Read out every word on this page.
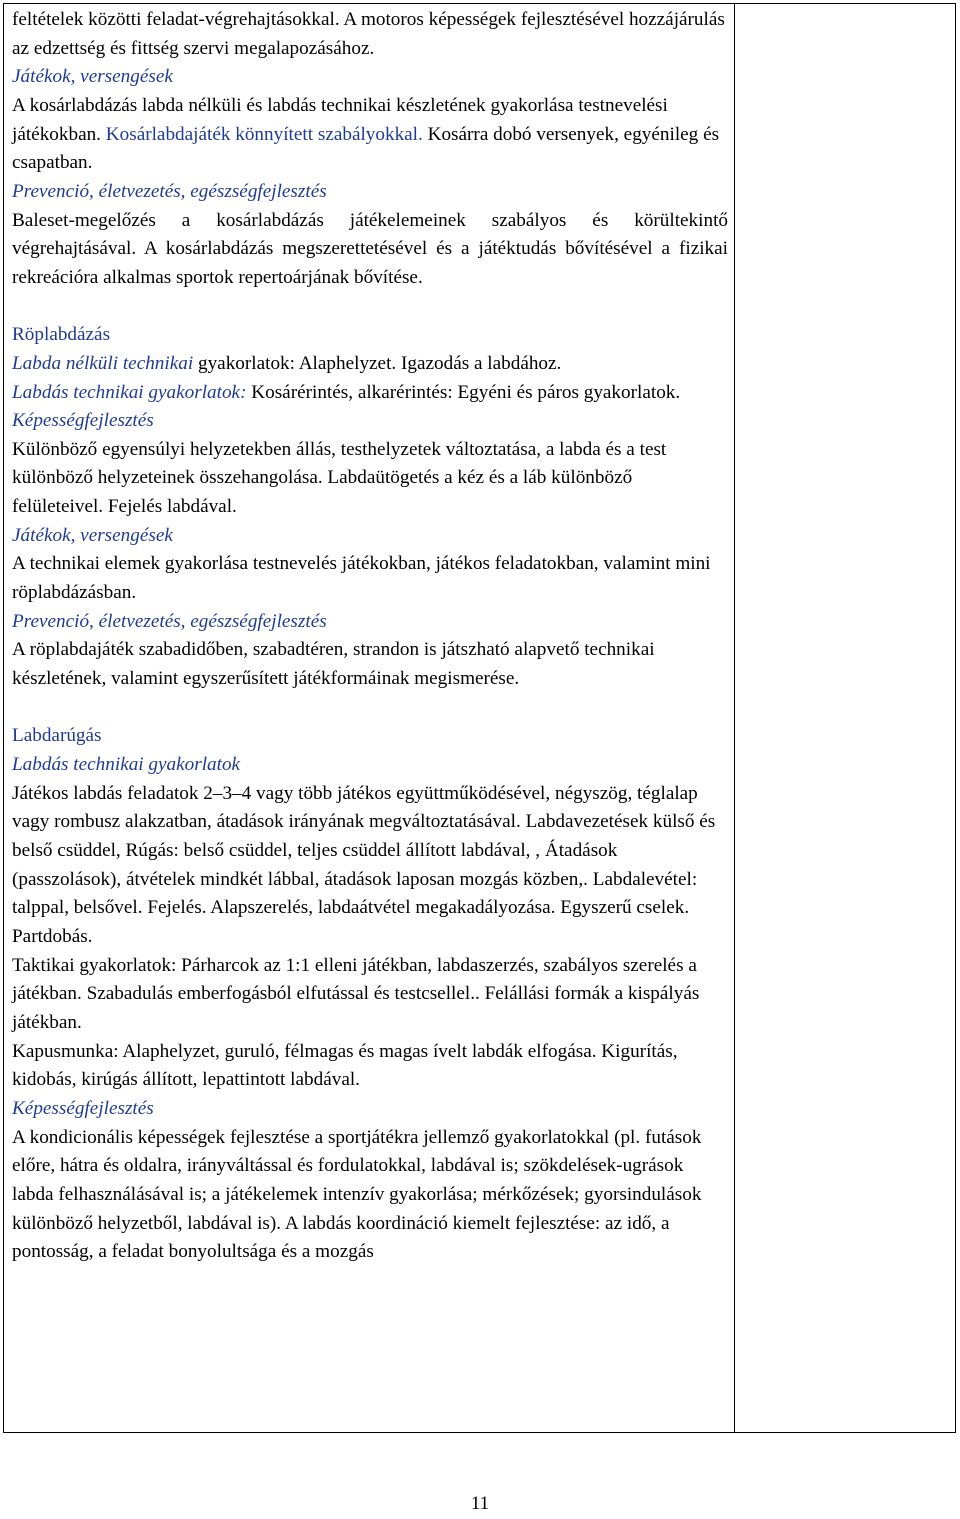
feltételek közötti feladat-végrehajtásokkal. A motoros képességek fejlesztésével hozzájárulás az edzettség és fittség szervi megalapozásához.

Játékok, versengések

A kosárlabdázás labda nélküli és labdás technikai készletének gyakorlása testnevelési játékokban. Kosárlabdajáték könnyített szabályokkal. Kosárra dobó versenyek, egyénileg és csapatban.

Prevenció, életvezetés, egészségfejlesztés

Baleset-megelőzés a kosárlabdázás játékelemeinek szabályos és körültekintő végrehajtásával. A kosárlabdázás megszerettetésével és a játéktudás bővítésével a fizikai rekreációra alkalmas sportok repertoárjának bővítése.

Röplabdázás

Labda nélküli technikai gyakorlatok: Alaphelyzet. Igazodás a labdához.

Labdás technikai gyakorlatok: Kosárérintés, alkarérintés: Egyéni és páros gyakorlatok.

Képességfejlesztés

Különböző egyensúlyi helyzetekben állás, testhelyzetek változtatása, a labda és a test különböző helyzeteinek összehangolása. Labdaütögetés a kéz és a láb különböző felületeivel. Fejelés labdával.

Játékok, versengések

A technikai elemek gyakorlása testnevelés játékokban, játékos feladatokban, valamint mini röplabdázásban.

Prevenció, életvezetés, egészségfejlesztés

A röplabdajáték szabadidőben, szabadtéren, strandon is játszható alapvető technikai készletének, valamint egyszerűsített játékformáinak megismerése.

Labdarúgás

Labdás technikai gyakorlatok

Játékos labdás feladatok 2–3–4 vagy több játékos együttműködésével, négyszög, téglalap vagy rombusz alakzatban, átadások irányának megváltoztatásával. Labdavezetések külső és belső csüddel, Rúgás: belső csüddel, teljes csüddel állított labdával, , Átadások (passzolások), átvételek mindkét lábbal, átadások laposan mozgás közben,. Labdalevétel: talppal, belsővel. Fejelés. Alapszerelés, labdaátvétel megakadályozása. Egyszerű cselek. Partdobás.

Taktikai gyakorlatok: Párharcok az 1:1 elleni játékban, labdaszerzés, szabályos szerelés a játékban. Szabadulás emberfogásból elfutással és testcsellel.. Felállási formák a kispályás játékban.

Kapusmunka: Alaphelyzet, guruló, félmagas és magas ívelt labdák elfogása. Kigurítás, kidobás, kirúgás állított, lepattintott labdával.

Képességfejlesztés

A kondicionális képességek fejlesztése a sportjátékra jellemző gyakorlatokkal (pl. futások előre, hátra és oldalra, irányváltással és fordulatokkal, labdával is; szökdelések-ugrások labda felhasználásával is; a játékelemek intenzív gyakorlása; mérkőzések; gyorsindulások különböző helyzetből, labdával is). A labdás koordináció kiemelt fejlesztése: az idő, a pontosság, a feladat bonyolultsága és a mozgás

11
